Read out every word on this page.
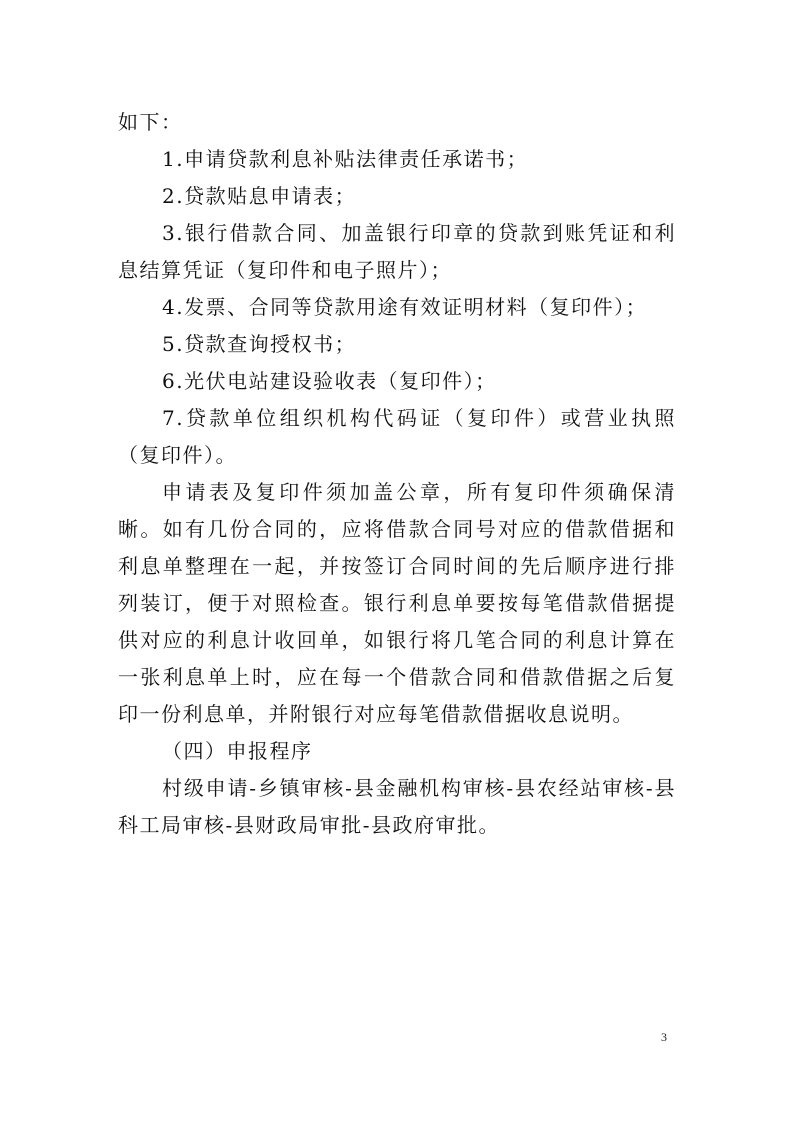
如下：

1.申请贷款利息补贴法律责任承诺书；

2.贷款贴息申请表；

3.银行借款合同、加盖银行印章的贷款到账凭证和利息结算凭证（复印件和电子照片）；

4.发票、合同等贷款用途有效证明材料（复印件）；

5.贷款查询授权书；

6.光伏电站建设验收表（复印件）；

7.贷款单位组织机构代码证（复印件）或营业执照（复印件）。

申请表及复印件须加盖公章，所有复印件须确保清晰。如有几份合同的，应将借款合同号对应的借款借据和利息单整理在一起，并按签订合同时间的先后顺序进行排列装订，便于对照检查。银行利息单要按每笔借款借据提供对应的利息计收回单，如银行将几笔合同的利息计算在一张利息单上时，应在每一个借款合同和借款借据之后复印一份利息单，并附银行对应每笔借款借据收息说明。

（四）申报程序

村级申请-乡镇审核-县金融机构审核-县农经站审核-县科工局审核-县财政局审批-县政府审批。

3
